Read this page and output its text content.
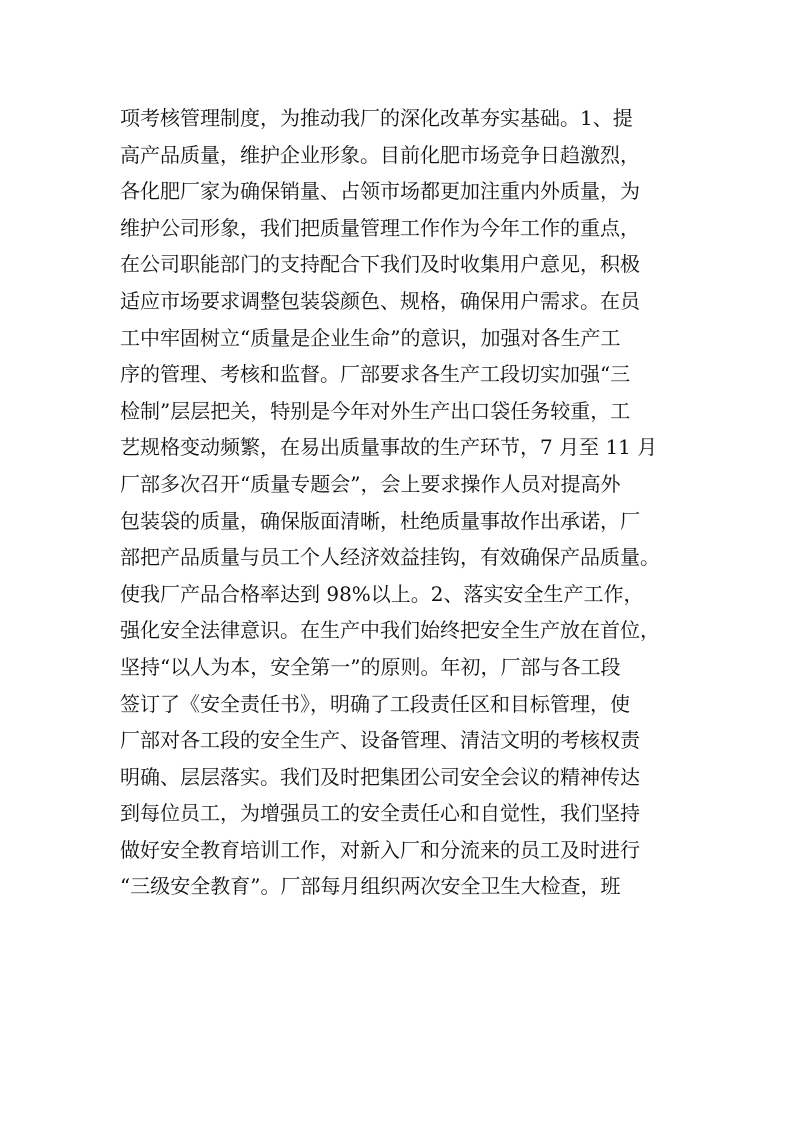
项考核管理制度，为推动我厂的深化改革夯实基础。1、提
高产品质量，维护企业形象。目前化肥市场竞争日趋激烈，
各化肥厂家为确保销量、占领市场都更加注重内外质量，为
维护公司形象，我们把质量管理工作作为今年工作的重点，
在公司职能部门的支持配合下我们及时收集用户意见，积极
适应市场要求调整包装袋颜色、规格，确保用户需求。在员
工中牢固树立“质量是企业生命”的意识，加强对各生产工
序的管理、考核和监督。厂部要求各生产工段切实加强“三
检制”层层把关，特别是今年对外生产出口袋任务较重，工
艺规格变动频繁，在易出质量事故的生产环节，7 月至 11 月
厂部多次召开“质量专题会”，会上要求操作人员对提高外
包装袋的质量，确保版面清晰，杜绝质量事故作出承诺，厂
部把产品质量与员工个人经济效益挂钩，有效确保产品质量。
使我厂产品合格率达到 98%以上。2、落实安全生产工作，
强化安全法律意识。在生产中我们始终把安全生产放在首位，
坚持“以人为本，安全第一”的原则。年初，厂部与各工段
签订了《安全责任书》，明确了工段责任区和目标管理，使
厂部对各工段的安全生产、设备管理、清洁文明的考核权责
明确、层层落实。我们及时把集团公司安全会议的精神传达
到每位员工，为增强员工的安全责任心和自觉性，我们坚持
做好安全教育培训工作，对新入厂和分流来的员工及时进行
“三级安全教育”。厂部每月组织两次安全卫生大检查，班
